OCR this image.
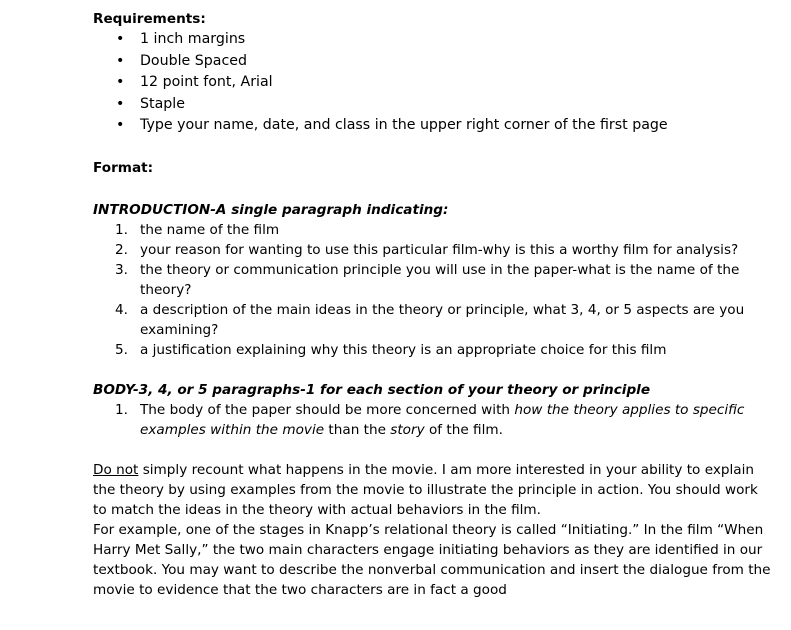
Requirements:
• 1 inch margins
• Double Spaced
• 12 point font, Arial
• Staple
• Type your name, date, and class in the upper right corner of the first page
Format:
INTRODUCTION-A single paragraph indicating:
1. the name of the film
2. your reason for wanting to use this particular film-why is this a worthy film for analysis?
3. the theory or communication principle you will use in the paper-what is the name of the theory?
4. a description of the main ideas in the theory or principle, what 3, 4, or 5 aspects are you examining?
5. a justification explaining why this theory is an appropriate choice for this film
BODY-3, 4, or 5 paragraphs-1 for each section of your theory or principle
1. The body of the paper should be more concerned with how the theory applies to specific examples within the movie than the story of the film.

Do not simply recount what happens in the movie. I am more interested in your ability to explain the theory by using examples from the movie to illustrate the principle in action. You should work to match the ideas in the theory with actual behaviors in the film.

For example, one of the stages in Knapp’s relational theory is called “Initiating.” In the film “When Harry Met Sally,” the two main characters engage initiating behaviors as they are identified in our textbook. You may want to describe the nonverbal communication and insert the dialogue from the movie to evidence that the two characters are in fact a good
